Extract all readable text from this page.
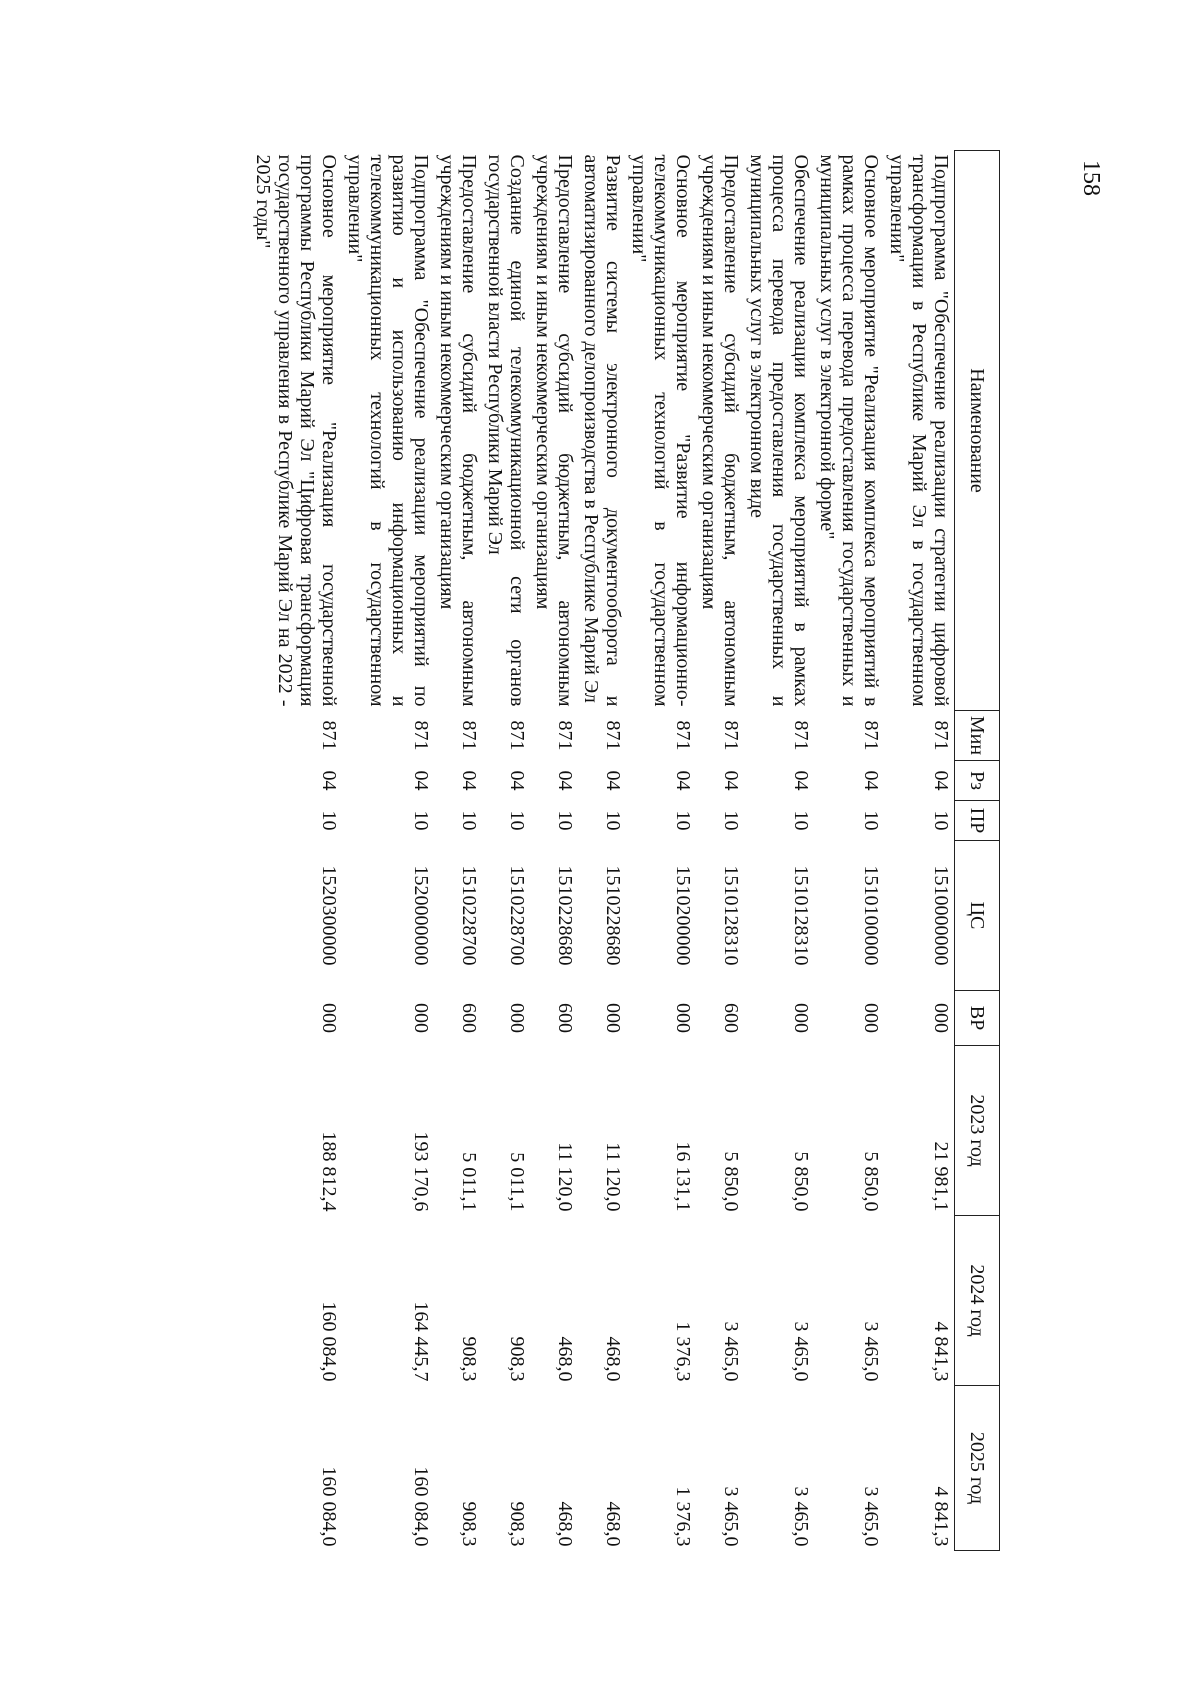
158
Наименование	Мин	Рз	ПР	ЦС	ВР	2023 год	2024 год	2025 год
Подпрограмма "Обеспечение реализации стратегии цифровой трансформации в Республике Марий Эл в государственном управлении"	871	04	10	1510000000	000	21 981,1	4 841,3	4 841,3
Основное мероприятие "Реализация комплекса мероприятий в рамках процесса перевода предоставления государственных и муниципальных услуг в электронной форме"	871	04	10	1510100000	000	5 850,0	3 465,0	3 465,0
Обеспечение реализации комплекса мероприятий в рамках процесса перевода предоставления государственных и муниципальных услуг в электронном виде	871	04	10	1510128310	000	5 850,0	3 465,0	3 465,0
Предоставление субсидий бюджетным, автономным учреждениям и иным некоммерческим организациям	871	04	10	1510128310	600	5 850,0	3 465,0	3 465,0
Основное мероприятие "Развитие информационно-телекоммуникационных технологий в государственном управлении"	871	04	10	1510200000	000	16 131,1	1 376,3	1 376,3
Развитие системы электронного документооборота и автоматизированного делопроизводства в Республике Марий Эл	871	04	10	1510228680	000	11 120,0	468,0	468,0
Предоставление субсидий бюджетным, автономным учреждениям и иным некоммерческим организациям	871	04	10	1510228680	600	11 120,0	468,0	468,0
Создание единой телекоммуникационной сети органов государственной власти Республики Марий Эл	871	04	10	1510228700	000	5 011,1	908,3	908,3
Предоставление субсидий бюджетным, автономным учреждениям и иным некоммерческим организациям	871	04	10	1510228700	600	5 011,1	908,3	908,3
Подпрограмма "Обеспечение реализации мероприятий по развитию и использованию информационных и телекоммуникационных технологий в государственном управлении"	871	04	10	1520000000	000	193 170,6	164 445,7	160 084,0
Основное мероприятие "Реализация государственной программы Республики Марий Эл "Цифровая трансформация государственного управления в Республике Марий Эл на 2022 - 2025 годы"	871	04	10	1520300000	000	188 812,4	160 084,0	160 084,0
